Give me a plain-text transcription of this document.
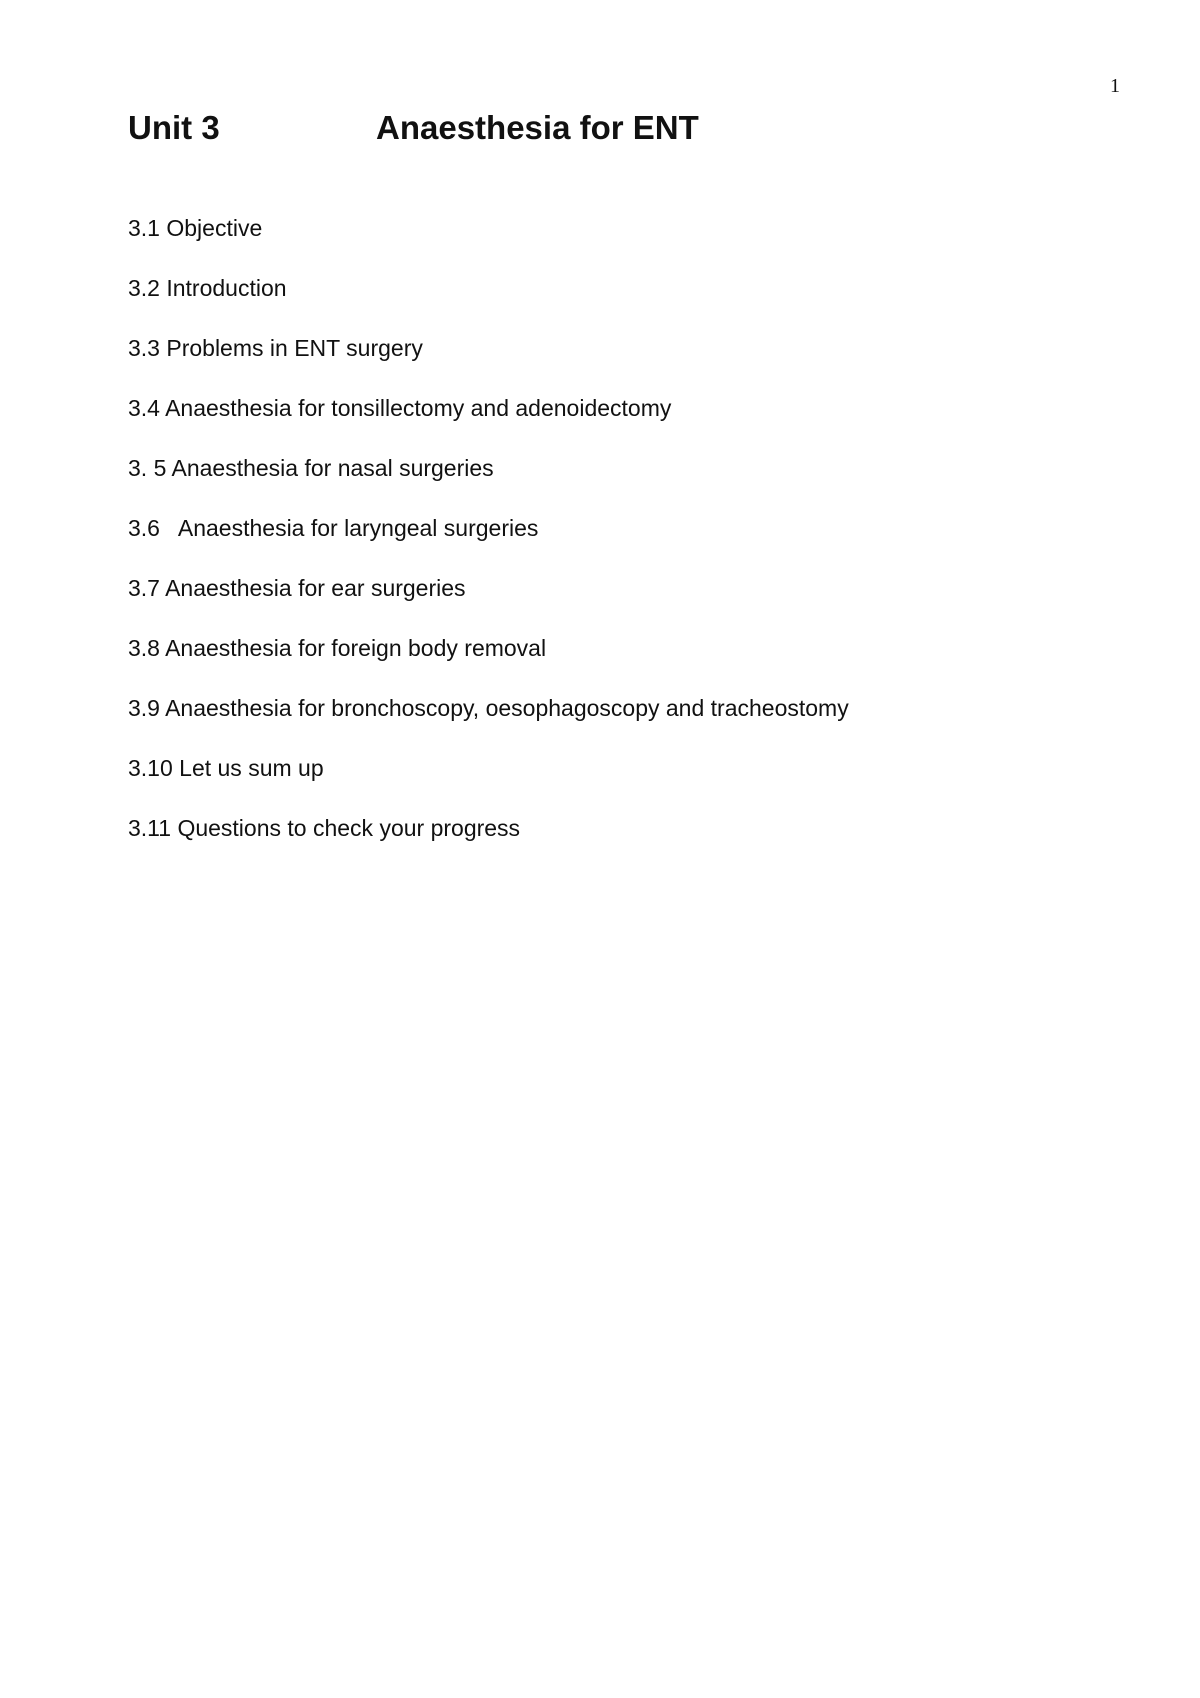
1
Unit 3	Anaesthesia for ENT
3.1 Objective
3.2 Introduction
3.3 Problems in ENT surgery
3.4 Anaesthesia for tonsillectomy and adenoidectomy
3. 5 Anaesthesia for nasal surgeries
3.6   Anaesthesia for laryngeal surgeries
3.7 Anaesthesia for ear surgeries
3.8 Anaesthesia for foreign body removal
3.9 Anaesthesia for bronchoscopy, oesophagoscopy and tracheostomy
3.10 Let us sum up
3.11 Questions to check your progress
